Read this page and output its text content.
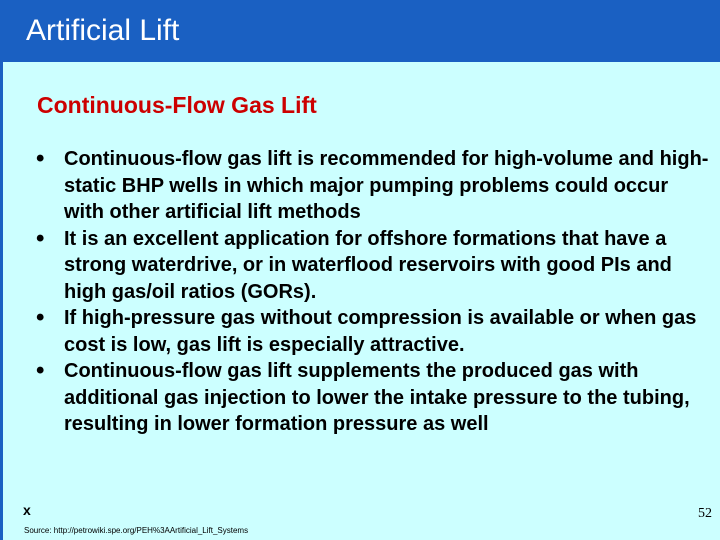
Artificial Lift
Continuous-Flow Gas Lift
• Continuous-flow gas lift is recommended for high-volume and high-static BHP wells in which major pumping problems could occur with other artificial lift methods
• It is an excellent application for offshore formations that have a strong waterdrive, or in waterflood reservoirs with good PIs and high gas/oil ratios (GORs).
• If high-pressure gas without compression is available or when gas cost is low, gas lift is especially attractive.
• Continuous-flow gas lift supplements the produced gas with additional gas injection to lower the intake pressure to the tubing, resulting in lower formation pressure as well
x
Source: http://petrowiki.spe.org/PEH%3AArtificial_Lift_Systems
52
